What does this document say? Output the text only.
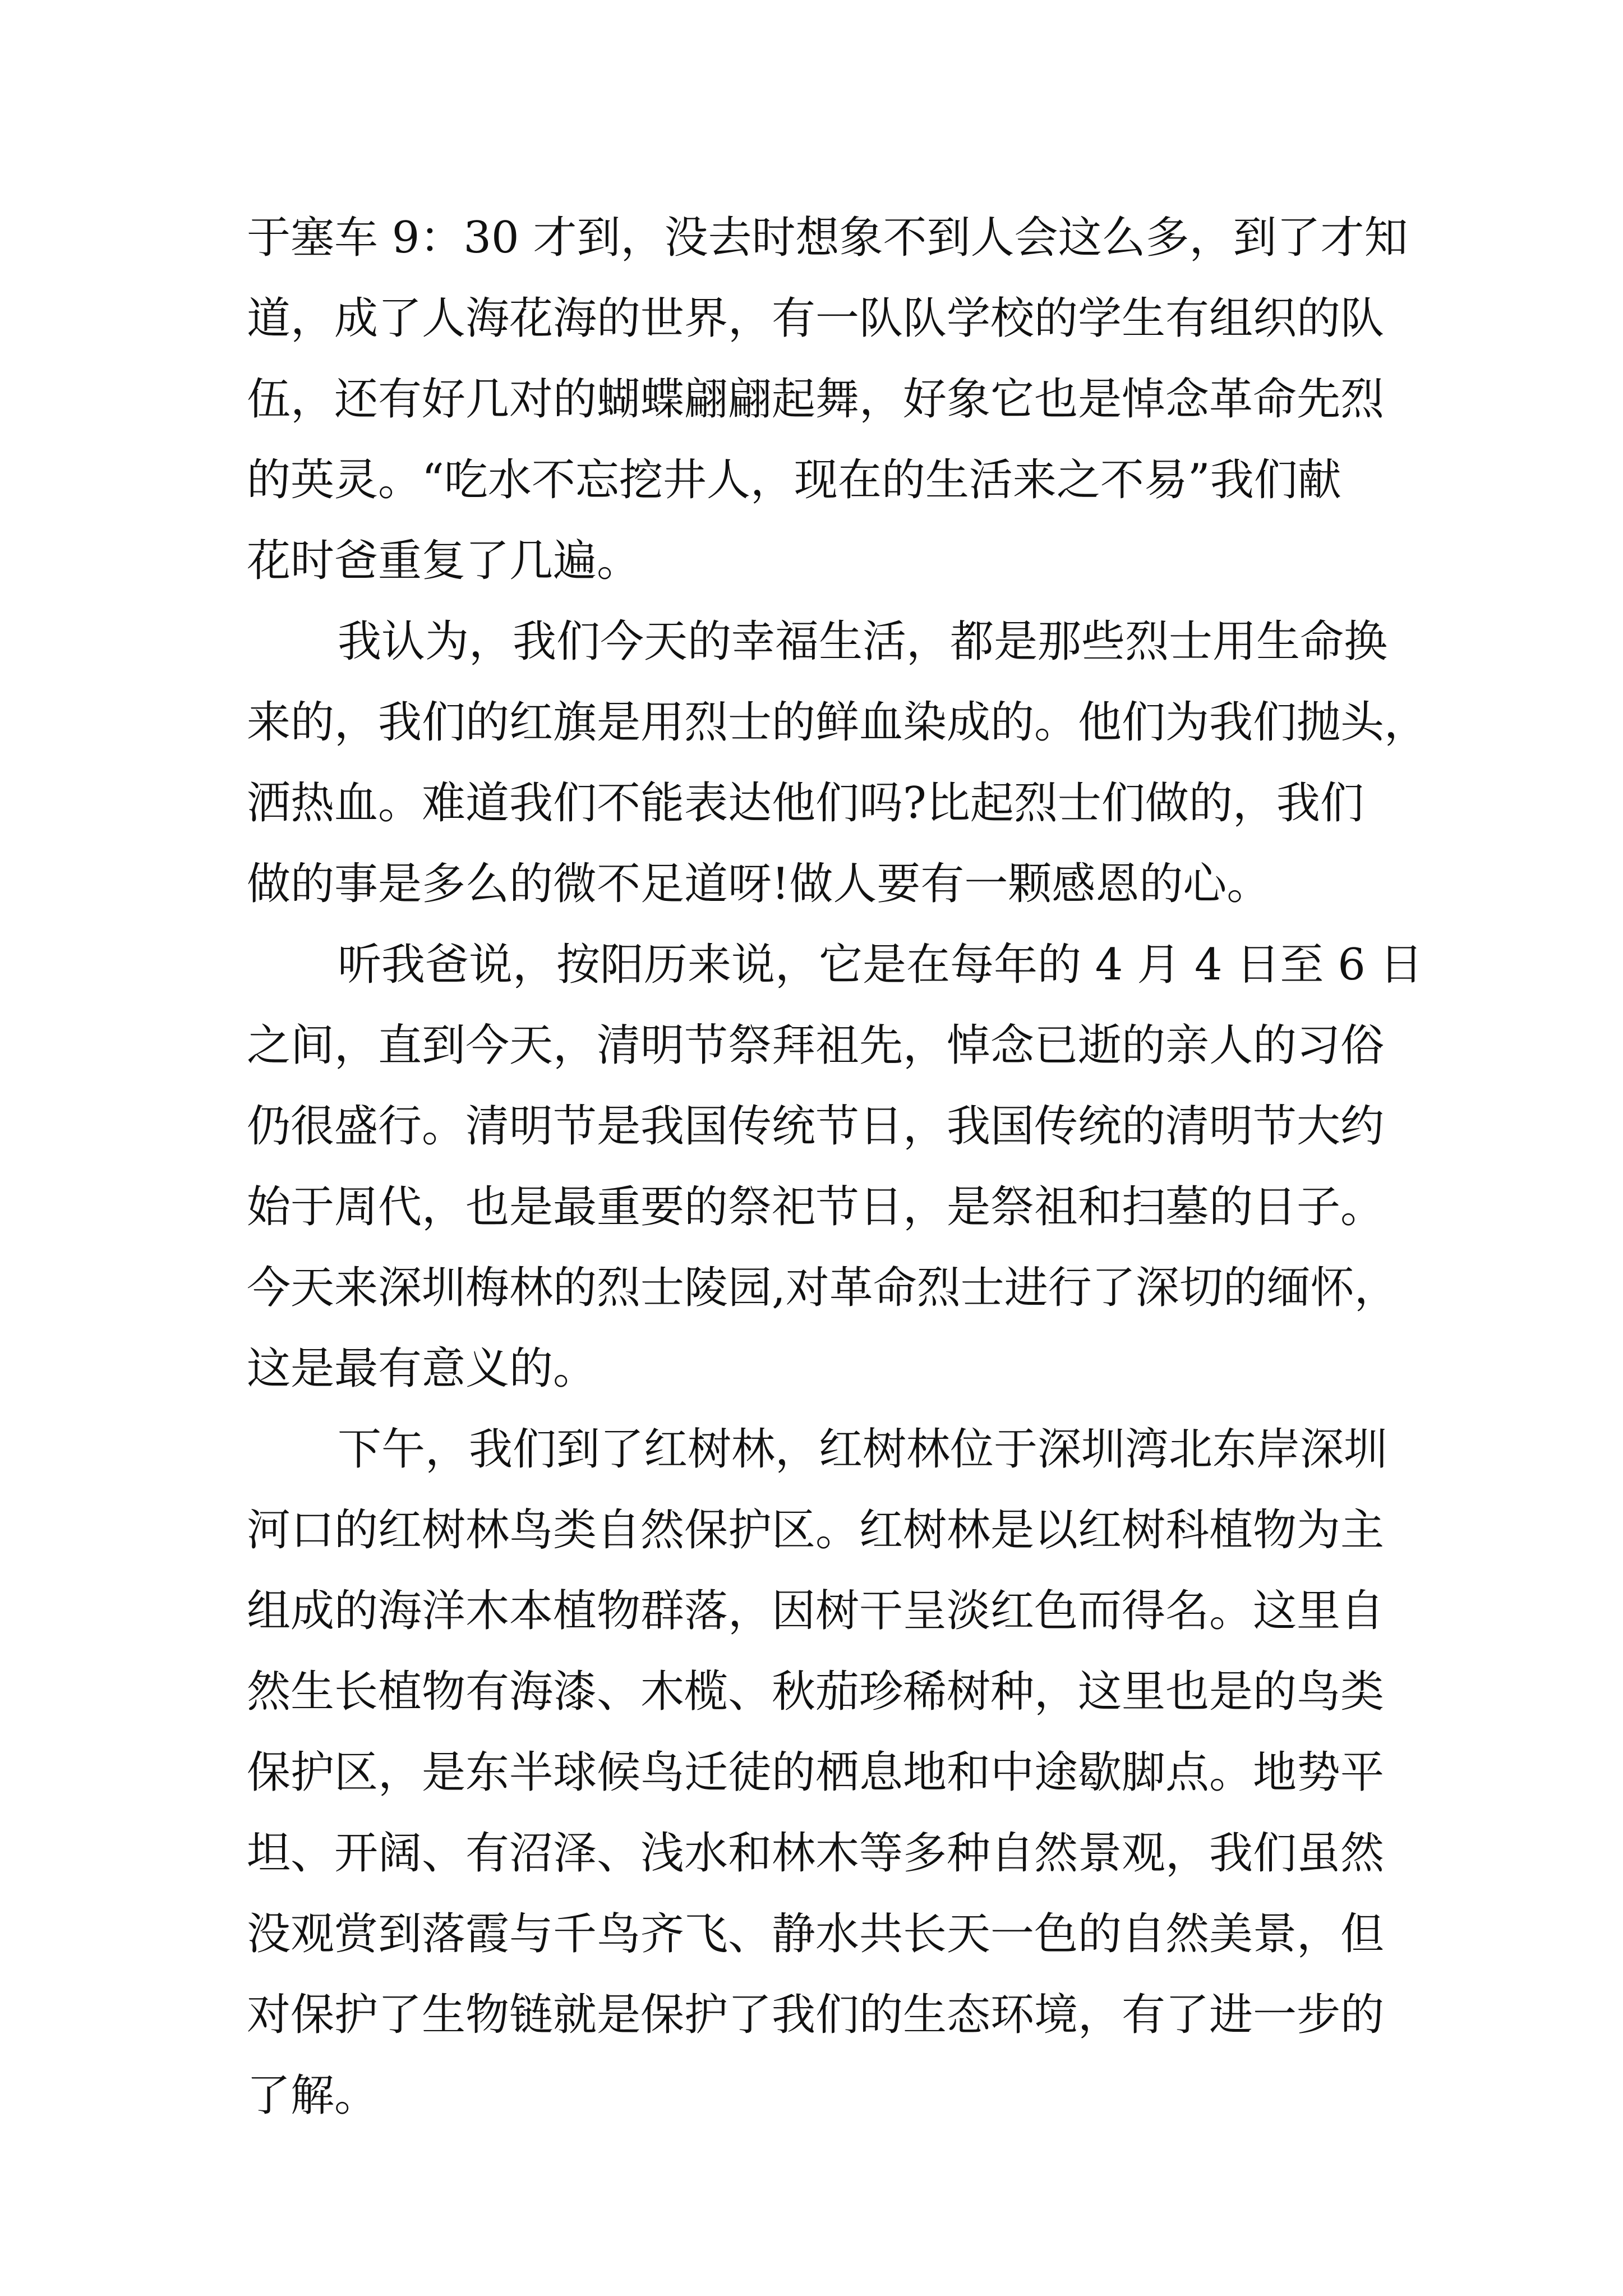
于塞车 9：30 才到，没去时想象不到人会这么多，到了才知
道，成了人海花海的世界，有一队队学校的学生有组织的队
伍，还有好几对的蝴蝶翩翩起舞，好象它也是悼念革命先烈
的英灵。“吃水不忘挖井人，现在的生活来之不易”我们献
花时爸重复了几遍。
我认为，我们今天的幸福生活，都是那些烈士用生命换
来的，我们的红旗是用烈士的鲜血染成的。他们为我们抛头，
洒热血。难道我们不能表达他们吗?比起烈士们做的，我们
做的事是多么的微不足道呀!做人要有一颗感恩的心。
听我爸说，按阳历来说，它是在每年的 4 月 4 日至 6 日
之间，直到今天，清明节祭拜祖先，悼念已逝的亲人的习俗
仍很盛行。清明节是我国传统节日，我国传统的清明节大约
始于周代，也是最重要的祭祀节日，是祭祖和扫墓的日子。
今天来深圳梅林的烈士陵园,对革命烈士进行了深切的缅怀，
这是最有意义的。
下午，我们到了红树林，红树林位于深圳湾北东岸深圳
河口的红树林鸟类自然保护区。红树林是以红树科植物为主
组成的海洋木本植物群落，因树干呈淡红色而得名。这里自
然生长植物有海漆、木榄、秋茄珍稀树种，这里也是的鸟类
保护区，是东半球候鸟迁徒的栖息地和中途歇脚点。地势平
坦、开阔、有沼泽、浅水和林木等多种自然景观，我们虽然
没观赏到落霞与千鸟齐飞、静水共长天一色的自然美景，但
对保护了生物链就是保护了我们的生态环境，有了进一步的
了解。
